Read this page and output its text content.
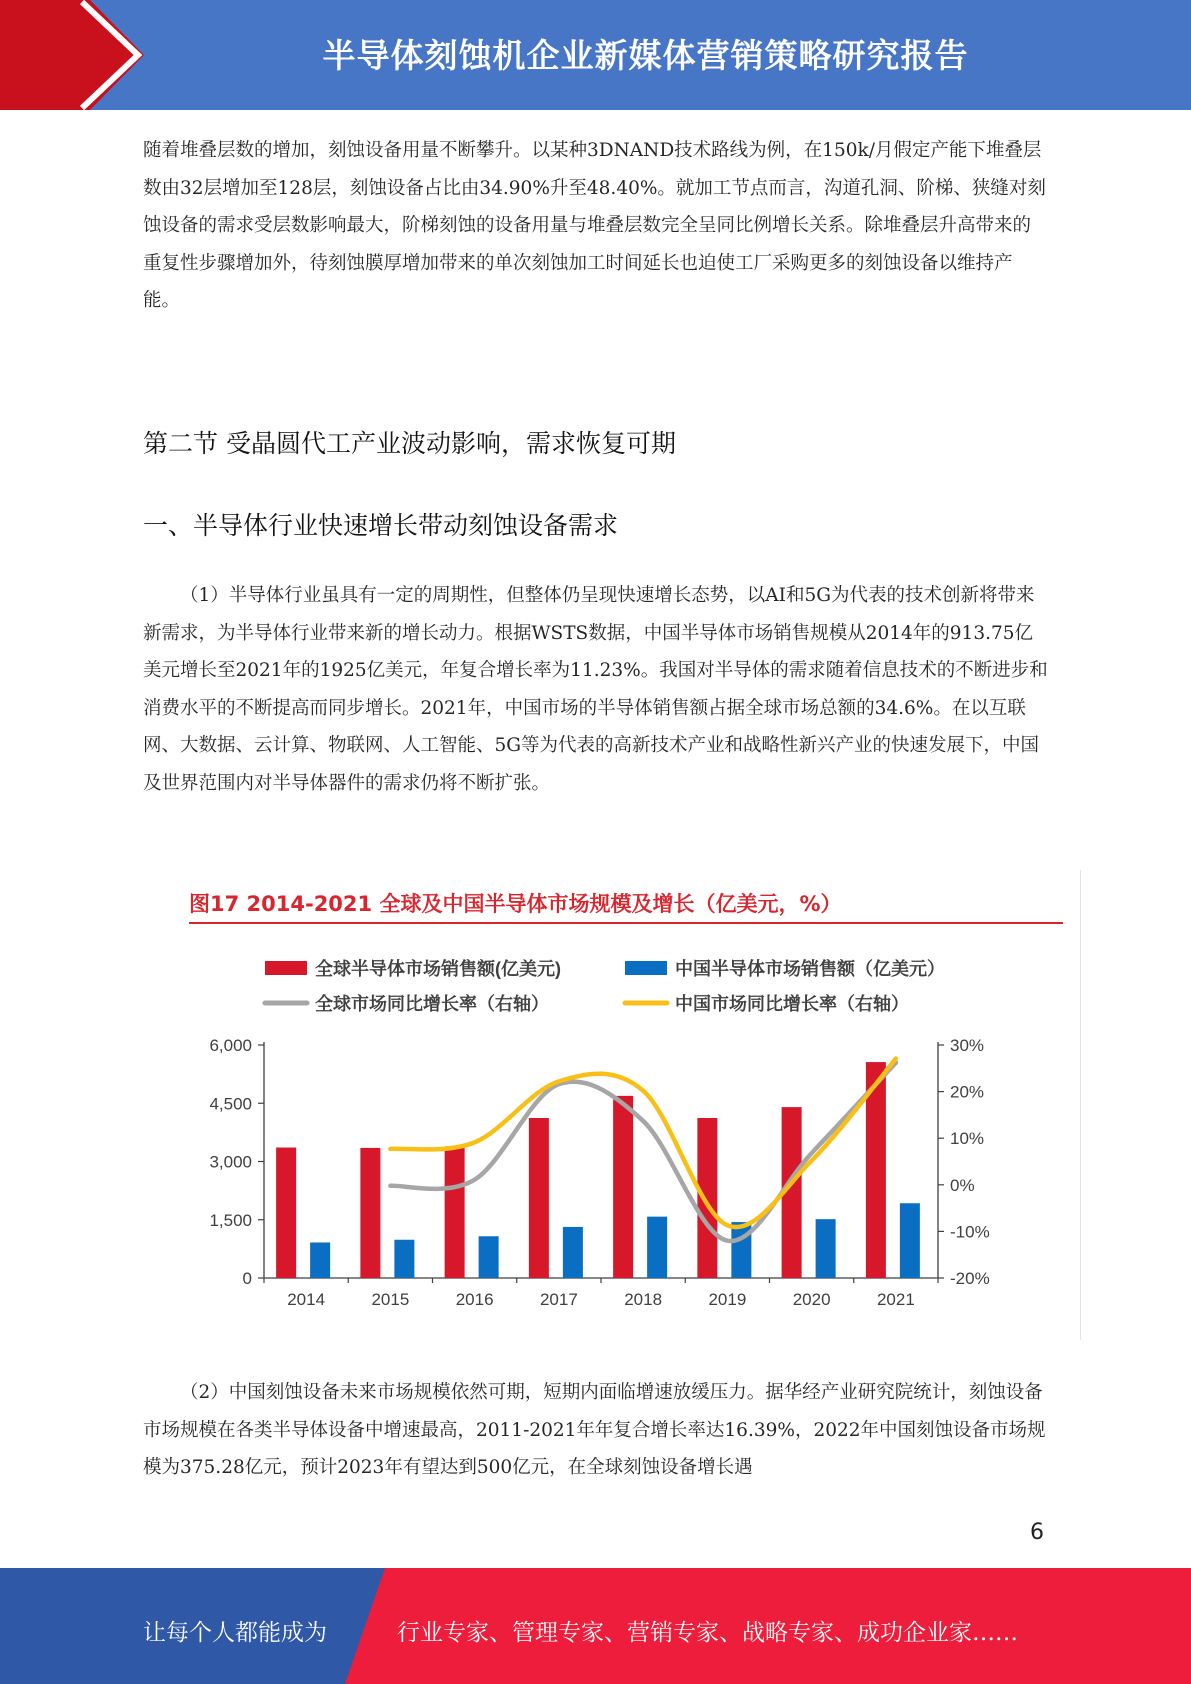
半导体刻蚀机企业新媒体营销策略研究报告

随着堆叠层数的增加，刻蚀设备用量不断攀升。以某种3DNAND技术路线为例，在150k/月假定产能下堆叠层数由32层增加至128层，刻蚀设备占比由34.90%升至48.40%。就加工节点而言，沟道孔洞、阶梯、狭缝对刻蚀设备的需求受层数影响最大，阶梯刻蚀的设备用量与堆叠层数完全呈同比例增长关系。除堆叠层升高带来的重复性步骤增加外，待刻蚀膜厚增加带来的单次刻蚀加工时间延长也迫使工厂采购更多的刻蚀设备以维持产能。

第二节 受晶圆代工产业波动影响，需求恢复可期
一、半导体行业快速增长带动刻蚀设备需求

（1）半导体行业虽具有一定的周期性，但整体仍呈现快速增长态势，以AI和5G为代表的技术创新将带来新需求，为半导体行业带来新的增长动力。根据WSTS数据，中国半导体市场销售规模从2014年的913.75亿美元增长至2021年的1925亿美元，年复合增长率为11.23%。我国对半导体的需求随着信息技术的不断进步和消费水平的不断提高而同步增长。2021年，中国市场的半导体销售额占据全球市场总额的34.6%。在以互联网、大数据、云计算、物联网、人工智能、5G等为代表的高新技术产业和战略性新兴产业的快速发展下，中国及世界范围内对半导体器件的需求仍将不断扩张。

图17 2014-2021 全球及中国半导体市场规模及增长（亿美元，%）
全球半导体市场销售额(亿美元)	中国半导体市场销售额（亿美元）
全球市场同比增长率（右轴）	中国市场同比增长率（右轴）
6,000
4,500
3,000
1,500
0
30%
20%
10%
0%
-10%
-20%
2014	2015	2016	2017	2018	2019	2020	2021

（2）中国刻蚀设备未来市场规模依然可期，短期内面临增速放缓压力。据华经产业研究院统计，刻蚀设备市场规模在各类半导体设备中增速最高，2011-2021年年复合增长率达16.39%，2022年中国刻蚀设备市场规模为375.28亿元，预计2023年有望达到500亿元，在全球刻蚀设备增长遇

6
让每个人都能成为	行业专家、管理专家、营销专家、战略专家、成功企业家……
